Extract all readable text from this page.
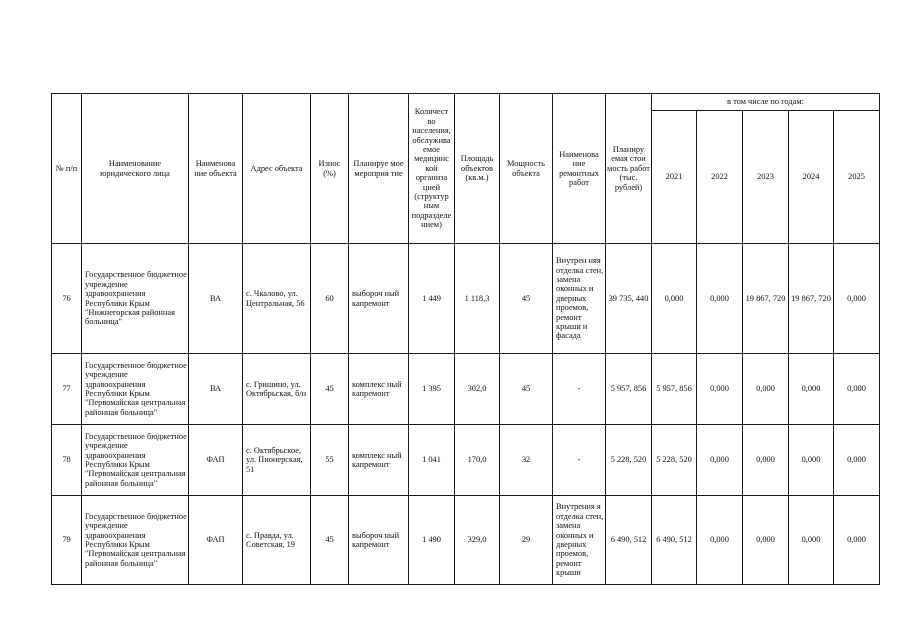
№ п/п	Наименование юридического лица	Наименова ние объекта	Адрес объекта	Износ (%)	Планируе мое мероприя тие	Количест во населения, обслужива емое медицинс кой организа цией (структур ным подразделе нием)	Площадь объектов (кв.м.)	Мощность объекта	Наименова ние ремонтных работ	Планиру емая стои мость работ (тыс. рублей)	в том числе по годам:				
											2021	2022	2023	2024	2025
76	Государственное бюджетное учреждение здравоохранения Республики Крым "Нижнегорская районная больница"	ВА	с. Чкалово, ул. Центральная, 56	60	выбороч ный капремонт	1 449	1 118,3	45	Внутрен няя отделка стен, замена оконных и дверных проемов, ремонт крыши и фасада	39 735, 440	0,000	0,000	19 867, 720	19 867, 720	0,000
77	Государственное бюджетное учреждение здравоохранения Республики Крым "Первомайская центральная районная больница"	ВА	с. Гришино, ул. Октябрьская, б/н	45	комплекс ный капремонт	1 395	302,0	45	-	5 957, 856	5 957, 856	0,000	0,000	0,000	0,000
78	Государственное бюджетное учреждение здравоохранения Республики Крым "Первомайская центральная районная больница"	ФАП	с. Октябрьское, ул. Пионерская, 51	55	комплекс ный капремонт	1 041	170,0	32	-	5 228, 520	5 228, 520	0,000	0,000	0,000	0,000
79	Государственное бюджетное учреждение здравоохранения Республики Крым "Первомайская центральная районная больница"	ФАП	с. Правда, ул. Советская, 19	45	выбороч ный капремонт	1 490	329,0	29	Внутрення я отделка стен, замена оконных и дверных проемов, ремонт крыши	6 490, 512	6 490, 512	0,000	0,000	0,000	0,000
